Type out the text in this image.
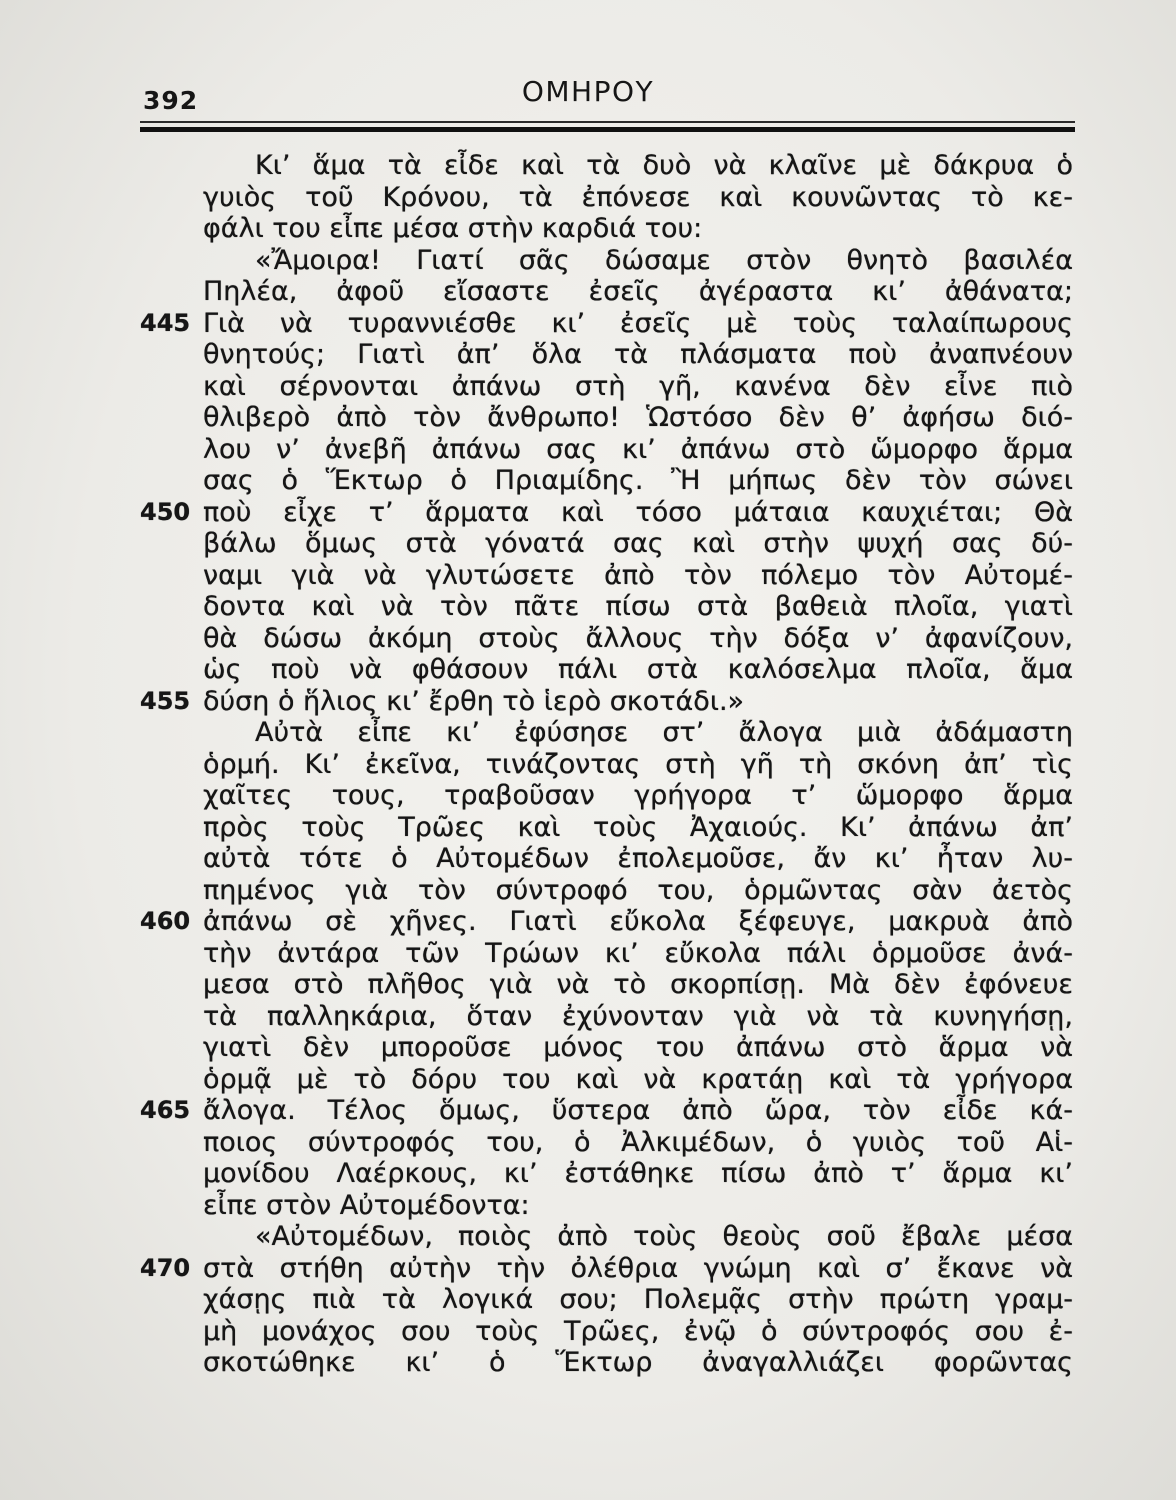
392	ΟΜΗΡΟΥ
Κι’ ἅμα τὰ εἶδε καὶ τὰ δυὸ νὰ κλαῖνε μὲ δάκρυα ὁ
γυιὸς τοῦ Κρόνου, τὰ ἐπόνεσε καὶ κουνῶντας τὸ κε-
φάλι του εἶπε μέσα στὴν καρδιά του:
«Ἄμοιρα! Γιατί σᾶς δώσαμε στὸν θνητὸ βασιλέα
Πηλέα, ἀφοῦ εἴσαστε ἐσεῖς ἀγέραστα κι’ ἀθάνατα;
Γιὰ νὰ τυραννιέσθε κι’ ἐσεῖς μὲ τοὺς ταλαίπωρους
445
θνητούς; Γιατὶ ἀπ’ ὅλα τὰ πλάσματα ποὺ ἀναπνέουν
καὶ σέρνονται ἀπάνω στὴ γῆ, κανένα δὲν εἶνε πιὸ
θλιβερὸ ἀπὸ τὸν ἄνθρωπο! Ὡστόσο δὲν θ’ ἀφήσω διό-
λου ν’ ἀνεβῆ ἀπάνω σας κι’ ἀπάνω στὸ ὥμορφο ἅρμα
σας ὁ Ἕκτωρ ὁ Πριαμίδης. Ἢ μήπως δὲν τὸν σώνει
ποὺ εἶχε τ’ ἅρματα καὶ τόσο μάταια καυχιέται; Θὰ
450
βάλω ὅμως στὰ γόνατά σας καὶ στὴν ψυχή σας δύ-
ναμι γιὰ νὰ γλυτώσετε ἀπὸ τὸν πόλεμο τὸν Αὐτομέ-
δοντα καὶ νὰ τὸν πᾶτε πίσω στὰ βαθειὰ πλοῖα, γιατὶ
θὰ δώσω ἀκόμη στοὺς ἄλλους τὴν δόξα ν’ ἀφανίζουν,
ὡς ποὺ νὰ φθάσουν πάλι στὰ καλόσελμα πλοῖα, ἅμα
δύση ὁ ἥλιος κι’ ἔρθη τὸ ἱερὸ σκοτάδι.»
455
Αὐτὰ εἶπε κι’ ἐφύσησε στ’ ἄλογα μιὰ ἀδάμαστη
ὁρμή. Κι’ ἐκεῖνα, τινάζοντας στὴ γῆ τὴ σκόνη ἀπ’ τὶς
χαῖτες τους, τραβοῦσαν γρήγορα τ’ ὥμορφο ἅρμα
πρὸς τοὺς Τρῶες καὶ τοὺς Ἀχαιούς. Κι’ ἀπάνω ἀπ’
αὐτὰ τότε ὁ Αὐτομέδων ἐπολεμοῦσε, ἄν κι’ ἦταν λυ-
πημένος γιὰ τὸν σύντροφό του, ὁρμῶντας σὰν ἀετὸς
ἀπάνω σὲ χῆνες. Γιατὶ εὔκολα ξέφευγε, μακρυὰ ἀπὸ
460
τὴν ἀντάρα τῶν Τρώων κι’ εὔκολα πάλι ὁρμοῦσε ἀνά-
μεσα στὸ πλῆθος γιὰ νὰ τὸ σκορπίσῃ. Μὰ δὲν ἐφόνευε
τὰ παλληκάρια, ὅταν ἐχύνονταν γιὰ νὰ τὰ κυνηγήσῃ,
γιατὶ δὲν μποροῦσε μόνος του ἀπάνω στὸ ἅρμα νὰ
ὁρμᾷ μὲ τὸ δόρυ του καὶ νὰ κρατάῃ καὶ τὰ γρήγορα
ἄλογα. Τέλος ὅμως, ὕστερα ἀπὸ ὥρα, τὸν εἶδε κά-
465
ποιος σύντροφός του, ὁ Ἀλκιμέδων, ὁ γυιὸς τοῦ Αἱ-
μονίδου Λαέρκους, κι’ ἐστάθηκε πίσω ἀπὸ τ’ ἅρμα κι’
εἶπε στὸν Αὐτομέδοντα:
«Αὐτομέδων, ποιὸς ἀπὸ τοὺς θεοὺς σοῦ ἔβαλε μέσα
στὰ στήθη αὐτὴν τὴν ὀλέθρια γνώμη καὶ σ’ ἔκανε νὰ
470
χάσῃς πιὰ τὰ λογικά σου; Πολεμᾷς στὴν πρώτη γραμ-
μὴ μονάχος σου τοὺς Τρῶες, ἐνῷ ὁ σύντροφός σου ἐ-
σκοτώθηκε κι’ ὁ Ἕκτωρ ἀναγαλλιάζει φορῶντας
